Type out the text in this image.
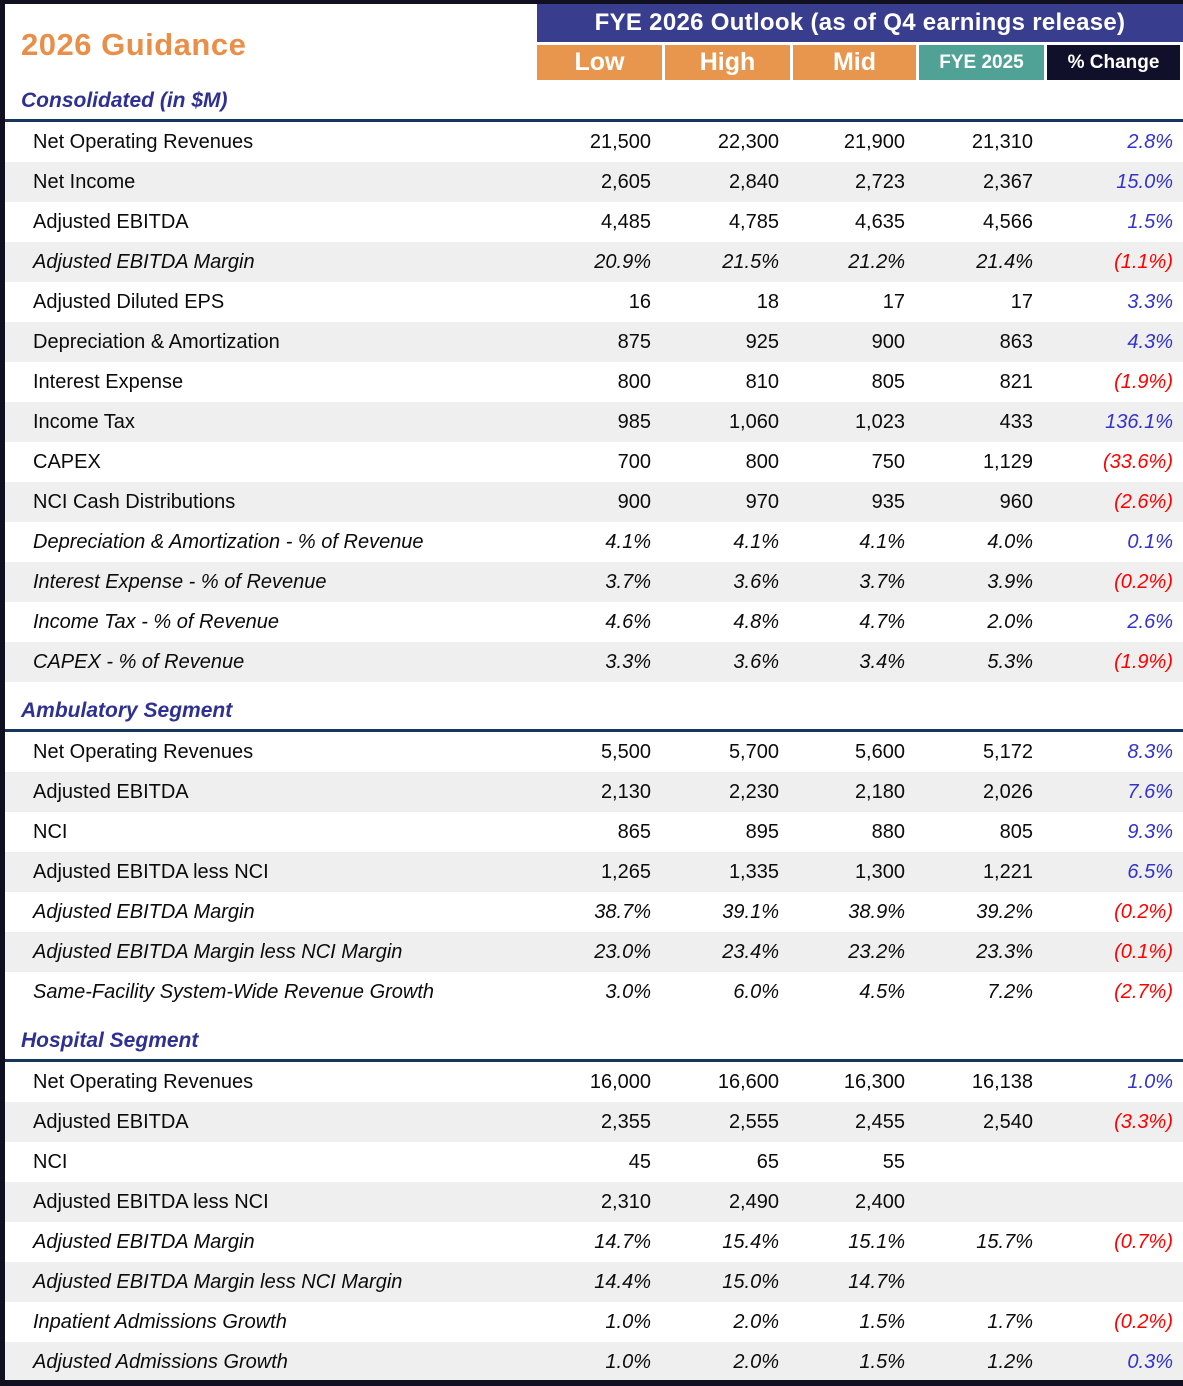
2026 Guidance
FYE 2026 Outlook (as of Q4 earnings release)
Low	High	Mid	FYE 2025	% Change
Consolidated (in $M)
Net Operating Revenues	21,500	22,300	21,900	21,310	2.8%
Net Income	2,605	2,840	2,723	2,367	15.0%
Adjusted EBITDA	4,485	4,785	4,635	4,566	1.5%
Adjusted EBITDA Margin	20.9%	21.5%	21.2%	21.4%	(1.1%)
Adjusted Diluted EPS	16	18	17	17	3.3%
Depreciation & Amortization	875	925	900	863	4.3%
Interest Expense	800	810	805	821	(1.9%)
Income Tax	985	1,060	1,023	433	136.1%
CAPEX	700	800	750	1,129	(33.6%)
NCI Cash Distributions	900	970	935	960	(2.6%)
Depreciation & Amortization - % of Revenue	4.1%	4.1%	4.1%	4.0%	0.1%
Interest Expense - % of Revenue	3.7%	3.6%	3.7%	3.9%	(0.2%)
Income Tax - % of Revenue	4.6%	4.8%	4.7%	2.0%	2.6%
CAPEX - % of Revenue	3.3%	3.6%	3.4%	5.3%	(1.9%)
Ambulatory Segment
Net Operating Revenues	5,500	5,700	5,600	5,172	8.3%
Adjusted EBITDA	2,130	2,230	2,180	2,026	7.6%
NCI	865	895	880	805	9.3%
Adjusted EBITDA less NCI	1,265	1,335	1,300	1,221	6.5%
Adjusted EBITDA Margin	38.7%	39.1%	38.9%	39.2%	(0.2%)
Adjusted EBITDA Margin less NCI Margin	23.0%	23.4%	23.2%	23.3%	(0.1%)
Same-Facility System-Wide Revenue Growth	3.0%	6.0%	4.5%	7.2%	(2.7%)
Hospital Segment
Net Operating Revenues	16,000	16,600	16,300	16,138	1.0%
Adjusted EBITDA	2,355	2,555	2,455	2,540	(3.3%)
NCI	45	65	55
Adjusted EBITDA less NCI	2,310	2,490	2,400
Adjusted EBITDA Margin	14.7%	15.4%	15.1%	15.7%	(0.7%)
Adjusted EBITDA Margin less NCI Margin	14.4%	15.0%	14.7%
Inpatient Admissions Growth	1.0%	2.0%	1.5%	1.7%	(0.2%)
Adjusted Admissions Growth	1.0%	2.0%	1.5%	1.2%	0.3%
